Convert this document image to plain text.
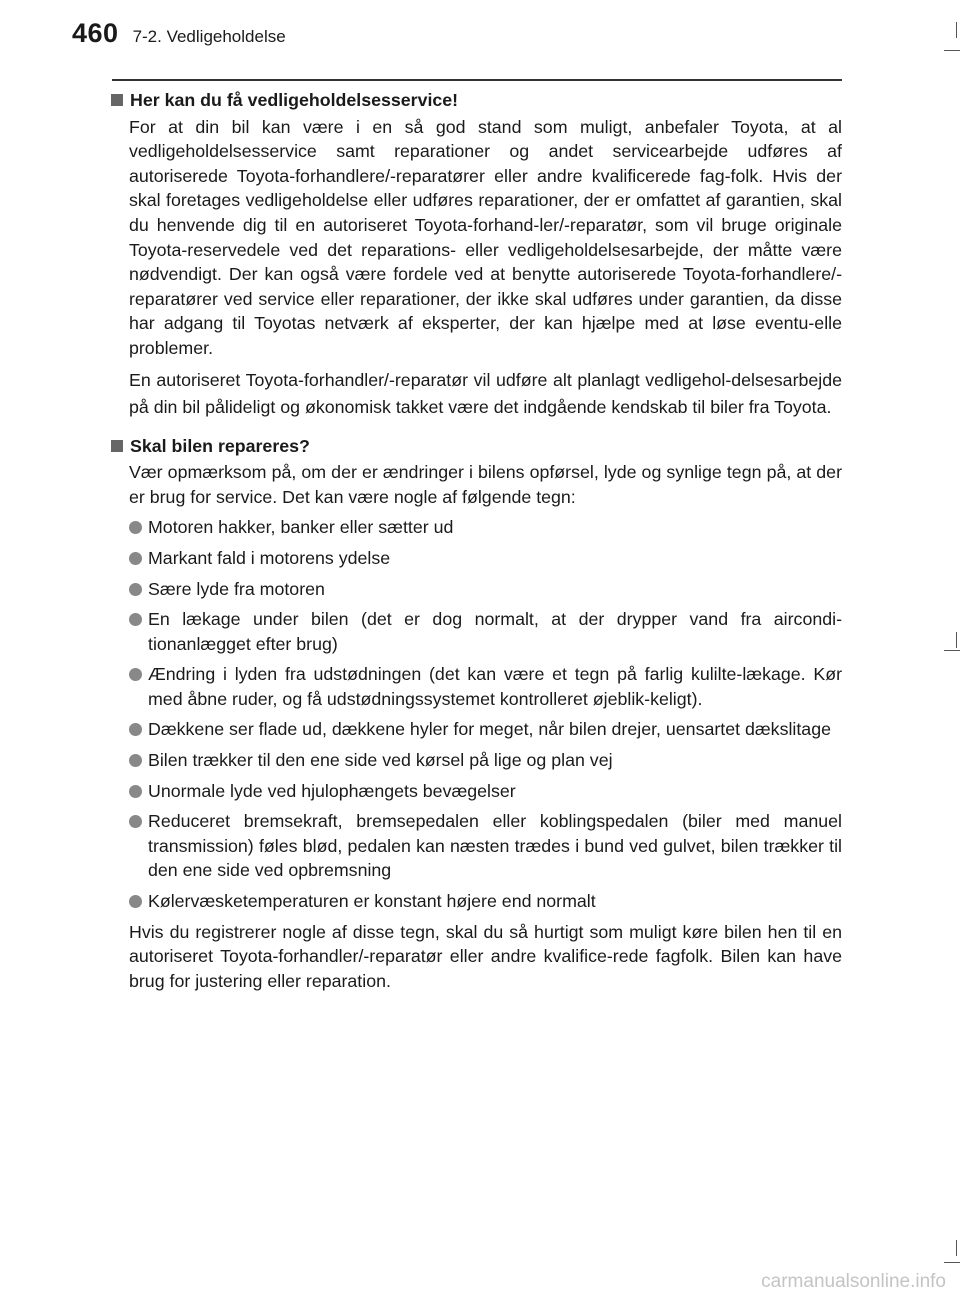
460 7-2. Vedligeholdelse
Her kan du få vedligeholdelsesservice!

For at din bil kan være i en så god stand som muligt, anbefaler Toyota, at al vedligeholdelsesservice samt reparationer og andet servicearbejde udføres af autoriserede Toyota-forhandlere/-reparatører eller andre kvalificerede fag-folk. Hvis der skal foretages vedligeholdelse eller udføres reparationer, der er omfattet af garantien, skal du henvende dig til en autoriseret Toyota-forhand-ler/-reparatør, som vil bruge originale Toyota-reservedele ved det reparations- eller vedligeholdelsesarbejde, der måtte være nødvendigt. Der kan også være fordele ved at benytte autoriserede Toyota-forhandlere/-reparatører ved service eller reparationer, der ikke skal udføres under garantien, da disse har adgang til Toyotas netværk af eksperter, der kan hjælpe med at løse eventu-elle problemer.

En autoriseret Toyota-forhandler/-reparatør vil udføre alt planlagt vedligehol-delsesarbejde på din bil pålideligt og økonomisk takket være det indgående kendskab til biler fra Toyota.

Skal bilen repareres?

Vær opmærksom på, om der er ændringer i bilens opførsel, lyde og synlige tegn på, at der er brug for service. Det kan være nogle af følgende tegn:

Motoren hakker, banker eller sætter ud
Markant fald i motorens ydelse
Sære lyde fra motoren
En lækage under bilen (det er dog normalt, at der drypper vand fra aircondi-tionanlægget efter brug)
Ændring i lyden fra udstødningen (det kan være et tegn på farlig kulilte-lækage. Kør med åbne ruder, og få udstødningssystemet kontrolleret øjeblik-keligt).
Dækkene ser flade ud, dækkene hyler for meget, når bilen drejer, uensartet dækslitage
Bilen trækker til den ene side ved kørsel på lige og plan vej
Unormale lyde ved hjulophængets bevægelser
Reduceret bremsekraft, bremsepedalen eller koblingspedalen (biler med manuel transmission) føles blød, pedalen kan næsten trædes i bund ved gulvet, bilen trækker til den ene side ved opbremsning
Kølervæsketemperaturen er konstant højere end normalt

Hvis du registrerer nogle af disse tegn, skal du så hurtigt som muligt køre bilen hen til en autoriseret Toyota-forhandler/-reparatør eller andre kvalifice-rede fagfolk. Bilen kan have brug for justering eller reparation.

carmanualsonline.info
